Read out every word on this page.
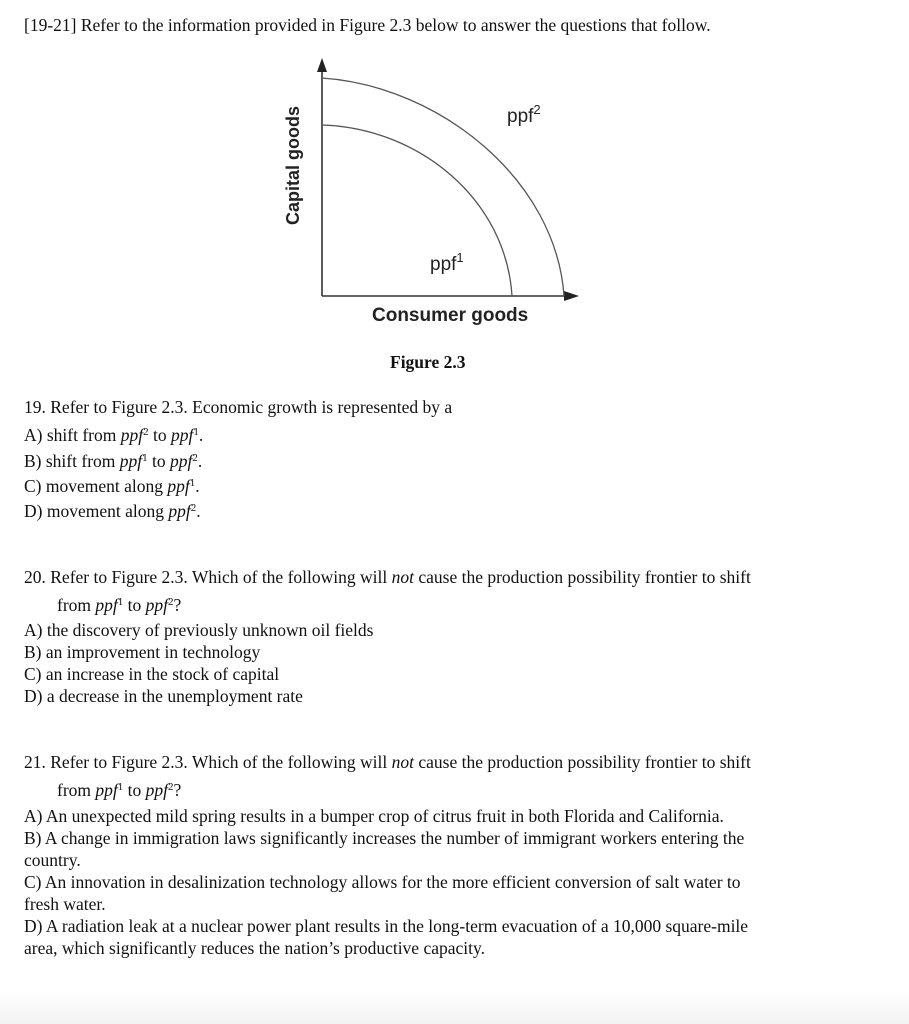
[19-21] Refer to the information provided in Figure 2.3 below to answer the questions that follow.
Capital goods
Consumer goods
ppf$^2$
ppf$^1$
Figure 2.3
19. Refer to Figure 2.3. Economic growth is represented by a
A) shift from ppf$^2$ to ppf$^1$.
B) shift from ppf$^1$ to ppf$^2$.
C) movement along ppf$^1$.
D) movement along ppf$^2$.
20. Refer to Figure 2.3. Which of the following will not cause the production possibility frontier to shift
from ppf$^1$ to ppf$^2$?
A) the discovery of previously unknown oil fields
B) an improvement in technology
C) an increase in the stock of capital
D) a decrease in the unemployment rate
21. Refer to Figure 2.3. Which of the following will not cause the production possibility frontier to shift
from ppf$^1$ to ppf$^2$?
A) An unexpected mild spring results in a bumper crop of citrus fruit in both Florida and California.
B) A change in immigration laws significantly increases the number of immigrant workers entering the
country.
C) An innovation in desalinization technology allows for the more efficient conversion of salt water to
fresh water.
D) A radiation leak at a nuclear power plant results in the long-term evacuation of a 10,000 square-mile
area, which significantly reduces the nation’s productive capacity.
